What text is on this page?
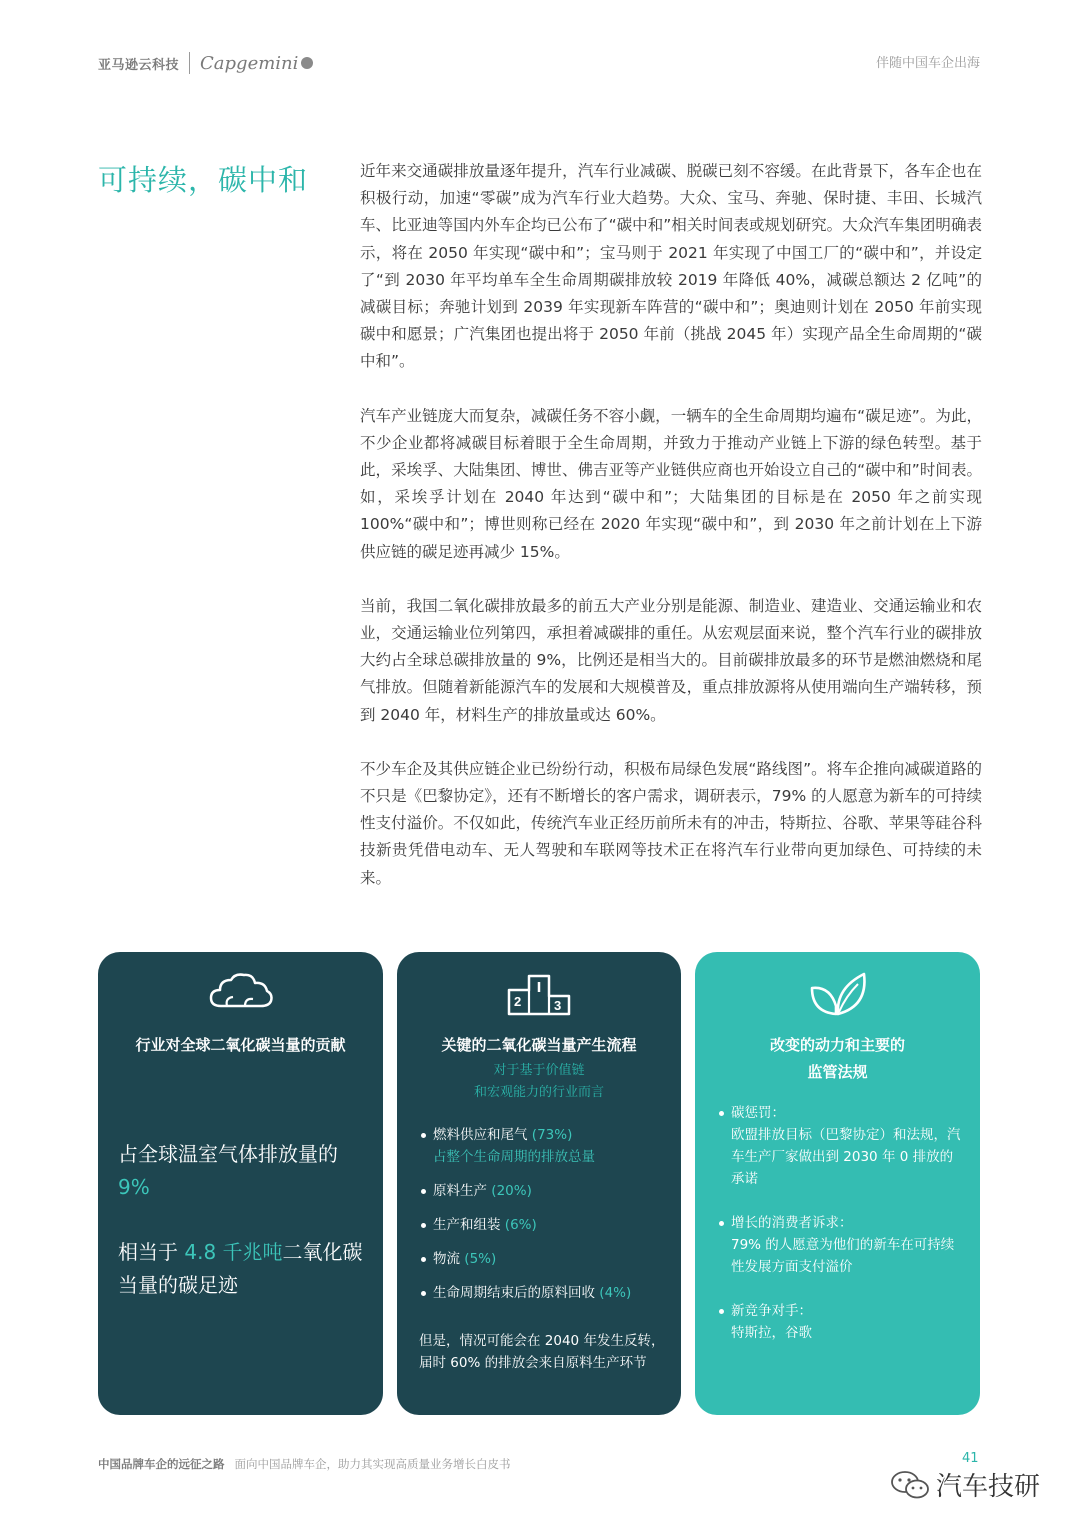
亚马逊云科技 Capgemini	伴随中国车企出海
可持续，碳中和	近年来交通碳排放量逐年提升，汽车行业减碳、脱碳已刻不容缓。在此背景下，各车企也在积极行动，加速“零碳”成为汽车行业大趋势。大众、宝马、奔驰、保时捷、丰田、长城汽车、比亚迪等国内外车企均已公布了“碳中和”相关时间表或规划研究。大众汽车集团明确表示，将在 2050 年实现“碳中和”；宝马则于 2021 年实现了中国工厂的“碳中和”，并设定了“到 2030 年平均单车全生命周期碳排放较 2019 年降低 40%，减碳总额达 2 亿吨”的减碳目标；奔驰计划到 2039 年实现新车阵营的“碳中和”；奥迪则计划在 2050 年前实现碳中和愿景；广汽集团也提出将于 2050 年前（挑战 2045 年）实现产品全生命周期的“碳中和”。

汽车产业链庞大而复杂，减碳任务不容小觑，一辆车的全生命周期均遍布“碳足迹”。为此，不少企业都将减碳目标着眼于全生命周期，并致力于推动产业链上下游的绿色转型。基于此，采埃孚、大陆集团、博世、佛吉亚等产业链供应商也开始设立自己的“碳中和”时间表。如，采埃孚计划在 2040 年达到“碳中和”；大陆集团的目标是在 2050 年之前实现 100%“碳中和”；博世则称已经在 2020 年实现“碳中和”，到 2030 年之前计划在上下游供应链的碳足迹再减少 15%。

当前，我国二氧化碳排放最多的前五大产业分别是能源、制造业、建造业、交通运输业和农业，交通运输业位列第四，承担着减碳排的重任。从宏观层面来说，整个汽车行业的碳排放大约占全球总碳排放量的 9%，比例还是相当大的。目前碳排放最多的环节是燃油燃烧和尾气排放。但随着新能源汽车的发展和大规模普及，重点排放源将从使用端向生产端转移，预到 2040 年，材料生产的排放量或达 60%。

不少车企及其供应链企业已纷纷行动，积极布局绿色发展“路线图”。将车企推向减碳道路的不只是《巴黎协定》，还有不断增长的客户需求，调研表示，79% 的人愿意为新车的可持续性支付溢价。不仅如此，传统汽车业正经历前所未有的冲击，特斯拉、谷歌、苹果等硅谷科技新贵凭借电动车、无人驾驶和车联网等技术正在将汽车行业带向更加绿色、可持续的未来。

行业对全球二氧化碳当量的贡献
占全球温室气体排放量的
9%
相当于 4.8 千兆吨二氧化碳当量的碳足迹
2	3
关键的二氧化碳当量产生流程
对于基于价值链
和宏观能力的行业而言
燃料供应和尾气 (73%)
占整个生命周期的排放总量
原料生产 (20%)
生产和组装 (6%)
物流 (5%)
生命周期结束后的原料回收 (4%)
但是，情况可能会在 2040 年发生反转，
届时 60% 的排放会来自原料生产环节
改变的动力和主要的
监管法规
碳惩罚：
欧盟排放目标（巴黎协定）和法规，汽车生产厂家做出到 2030 年 0 排放的承诺
增长的消费者诉求：
79% 的人愿意为他们的新车在可持续性发展方面支付溢价
新竞争对手：
特斯拉，谷歌
中国品牌车企的远征之路 面向中国品牌车企，助力其实现高质量业务增长白皮书	41
汽车技研
